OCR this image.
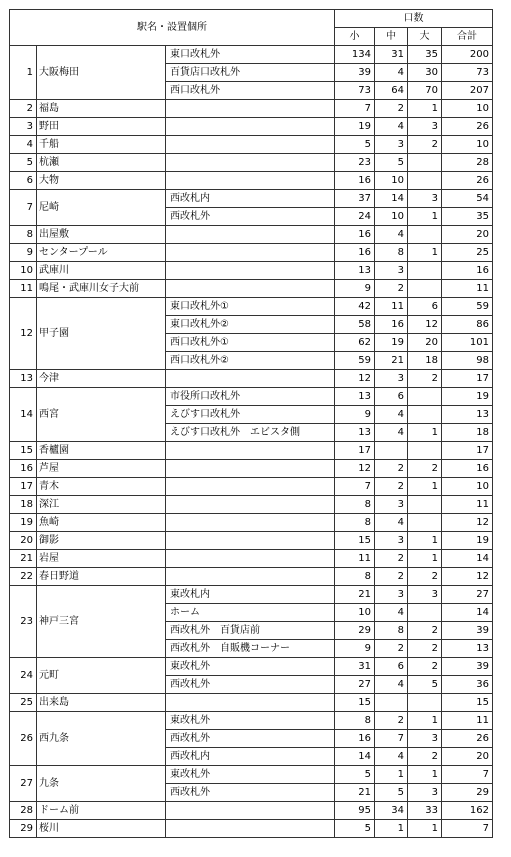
駅名・設置個所			口数			
			小	中	大	合計
1	大阪梅田	東口改札外	134	31	35	200
		百貨店口改札外	39	4	30	73
		西口改札外	73	64	70	207
2	福島		7	2	1	10
3	野田		19	4	3	26
4	千船		5	3	2	10
5	杭瀬		23	5		28
6	大物		16	10		26
7	尼崎	西改札内	37	14	3	54
		西改札外	24	10	1	35
8	出屋敷		16	4		20
9	センタープール		16	8	1	25
10	武庫川		13	3		16
11	鳴尾・武庫川女子大前		9	2		11
12	甲子園	東口改札外①	42	11	6	59
		東口改札外②	58	16	12	86
		西口改札外①	62	19	20	101
		西口改札外②	59	21	18	98
13	今津		12	3	2	17
14	西宮	市役所口改札外	13	6		19
		えびす口改札外	9	4		13
		えびす口改札外　エビスタ側	13	4	1	18
15	香櫨園		17			17
16	芦屋		12	2	2	16
17	青木		7	2	1	10
18	深江		8	3		11
19	魚崎		8	4		12
20	御影		15	3	1	19
21	岩屋		11	2	1	14
22	春日野道		8	2	2	12
23	神戸三宮	東改札内	21	3	3	27
		ホーム	10	4		14
		西改札外　百貨店前	29	8	2	39
		西改札外　自販機コーナー	9	2	2	13
24	元町	東改札外	31	6	2	39
		西改札外	27	4	5	36
25	出来島		15			15
26	西九条	東改札外	8	2	1	11
		西改札外	16	7	3	26
		西改札内	14	4	2	20
27	九条	東改札外	5	1	1	7
		西改札外	21	5	3	29
28	ドーム前		95	34	33	162
29	桜川		5	1	1	7
